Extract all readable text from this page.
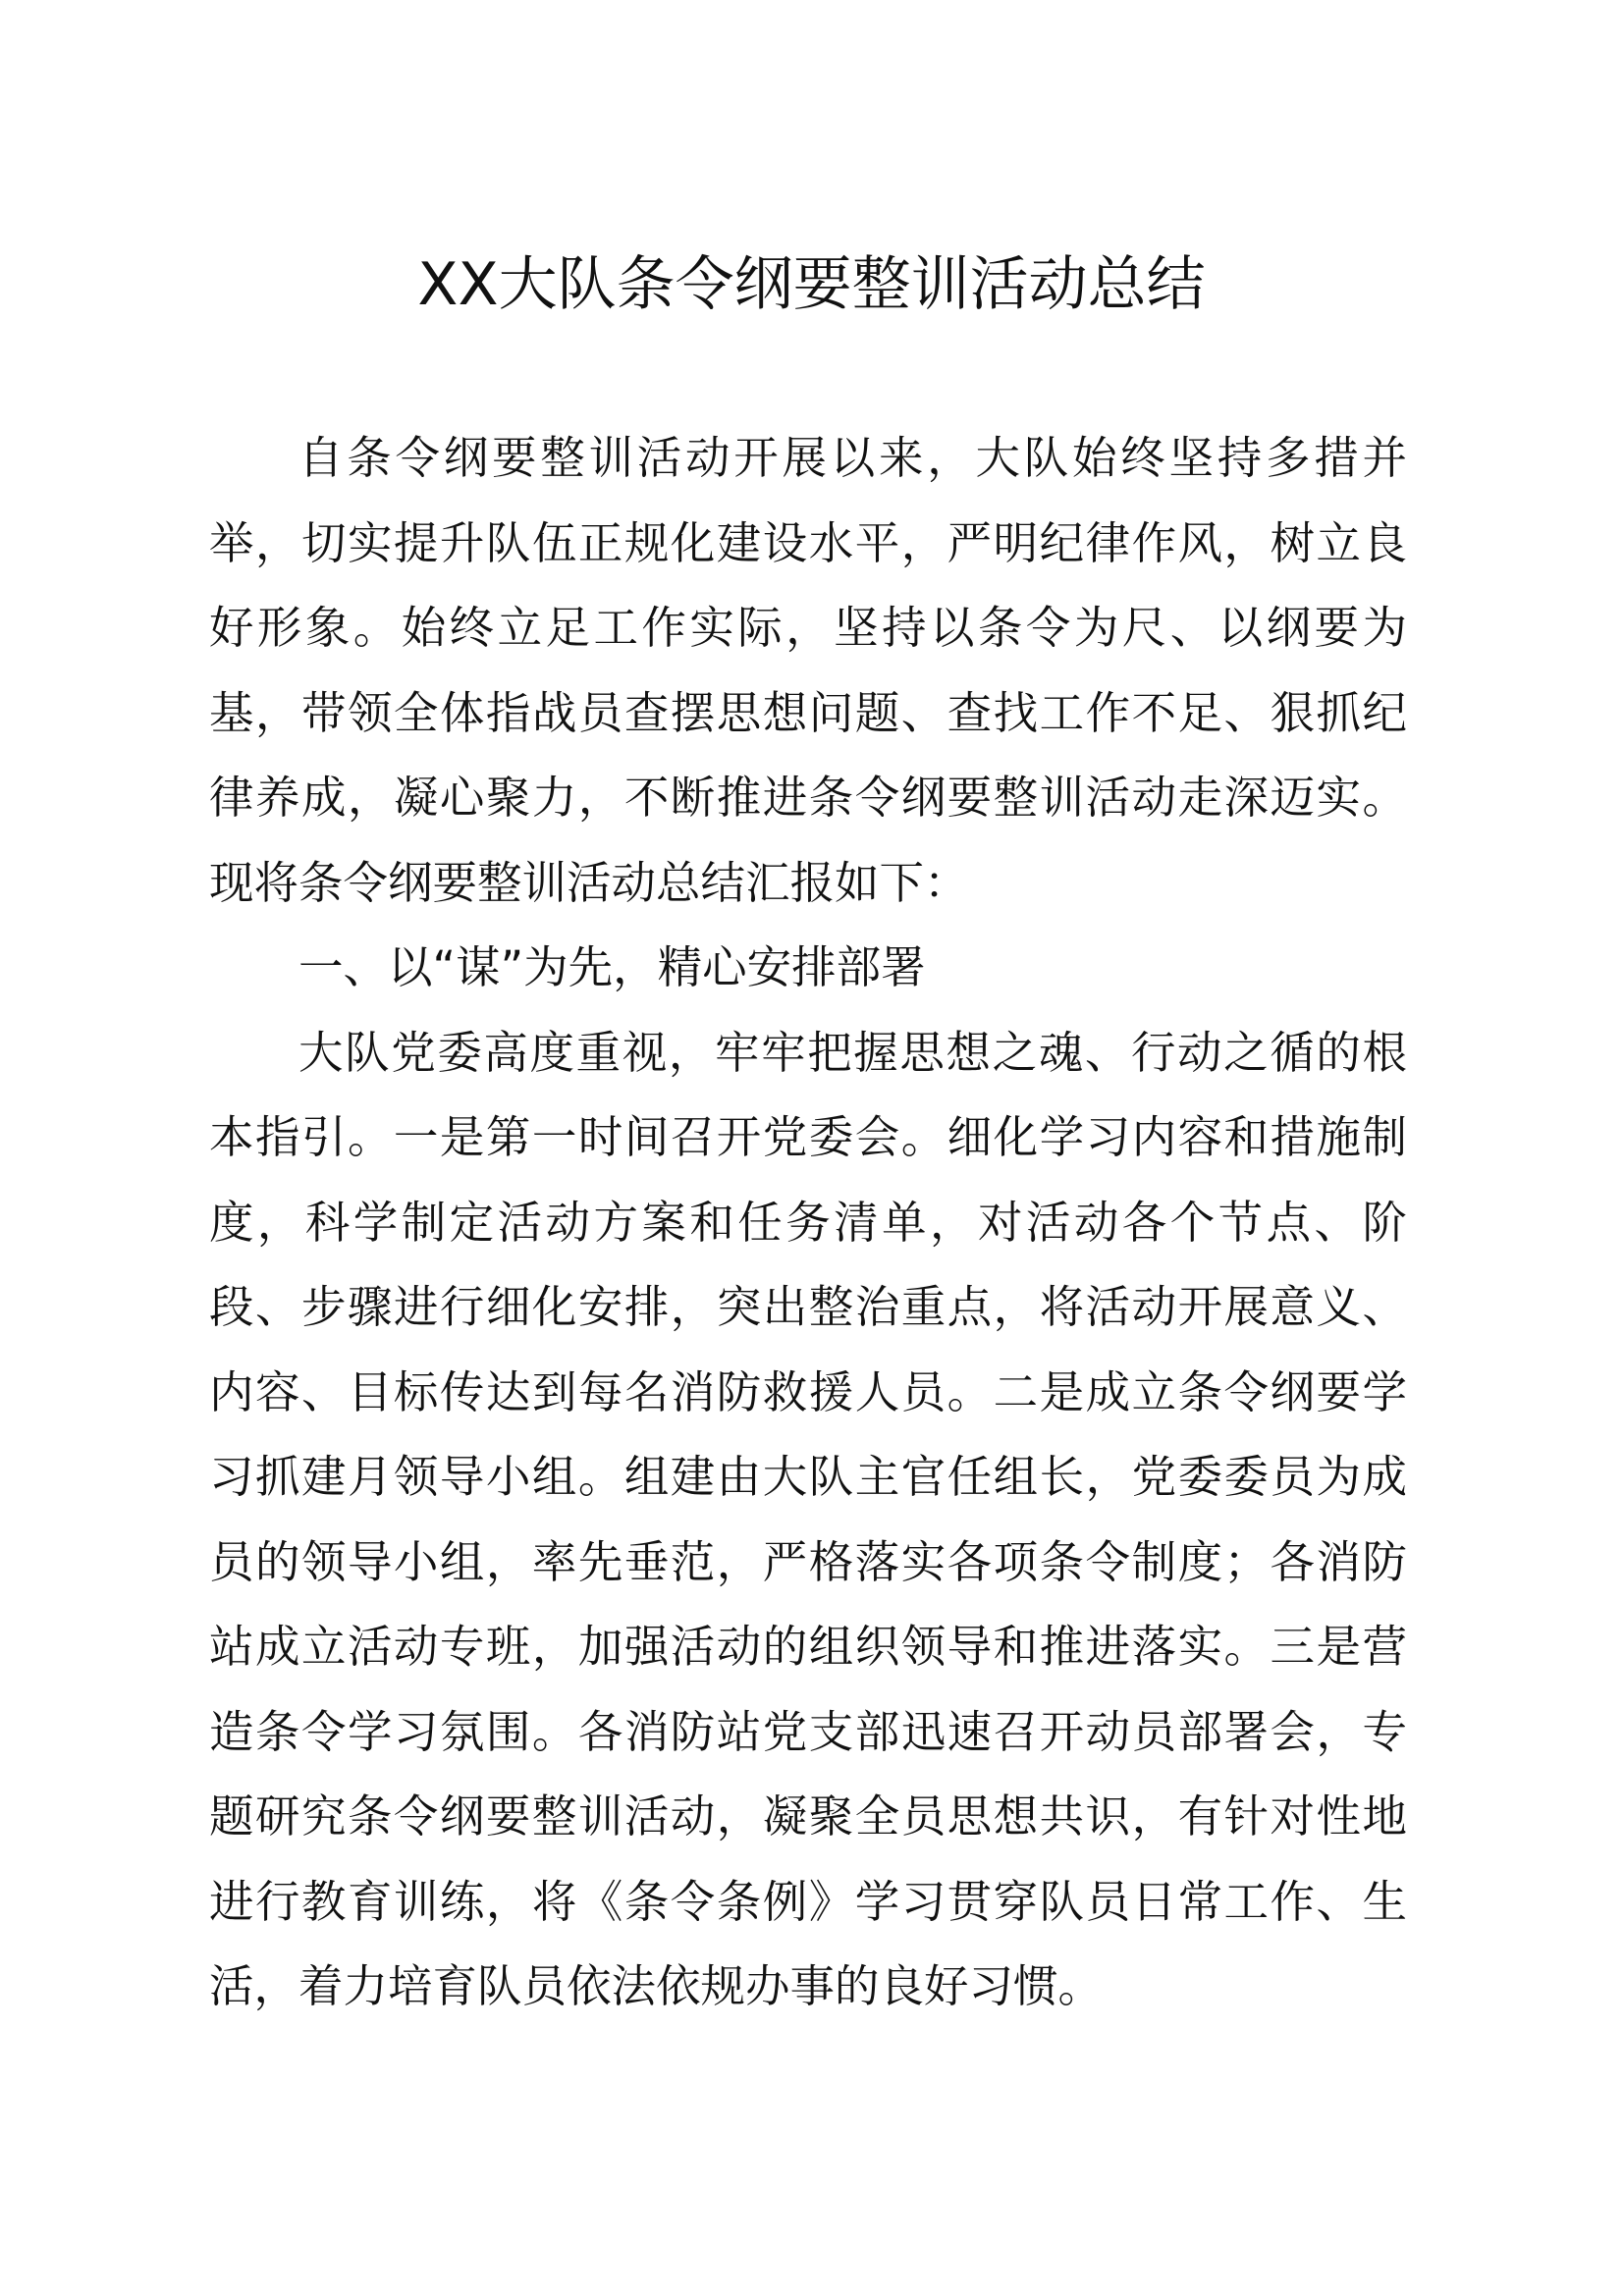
XX大队条令纲要整训活动总结

自条令纲要整训活动开展以来，大队始终坚持多措并举，切实提升队伍正规化建设水平，严明纪律作风，树立良好形象。始终立足工作实际，坚持以条令为尺、以纲要为基，带领全体指战员查摆思想问题、查找工作不足、狠抓纪律养成，凝心聚力，不断推进条令纲要整训活动走深迈实。现将条令纲要整训活动总结汇报如下：

一、以“谋”为先，精心安排部署

大队党委高度重视，牢牢把握思想之魂、行动之循的根本指引。一是第一时间召开党委会。细化学习内容和措施制度，科学制定活动方案和任务清单，对活动各个节点、阶段、步骤进行细化安排，突出整治重点，将活动开展意义、内容、目标传达到每名消防救援人员。二是成立条令纲要学习抓建月领导小组。组建由大队主官任组长，党委委员为成员的领导小组，率先垂范，严格落实各项条令制度；各消防站成立活动专班，加强活动的组织领导和推进落实。三是营造条令学习氛围。各消防站党支部迅速召开动员部署会，专题研究条令纲要整训活动，凝聚全员思想共识，有针对性地进行教育训练，将《条令条例》学习贯穿队员日常工作、生活，着力培育队员依法依规办事的良好习惯。
